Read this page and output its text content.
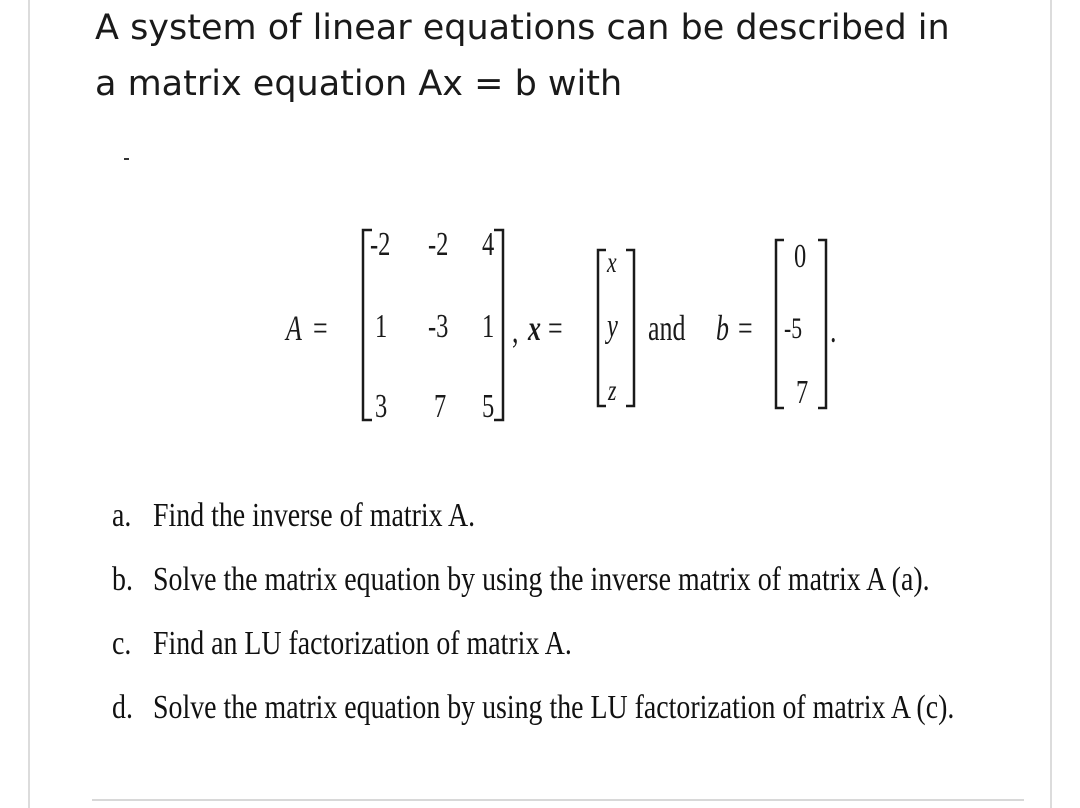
A system of linear equations can be described in
a matrix equation Ax = b with
A =
-2 -2 4
1 -3 1
3 7 5
, x =
x
y
z
and b =
0
-5
7
.
a. Find the inverse of matrix A.
b. Solve the matrix equation by using the inverse matrix of matrix A (a).
c. Find an LU factorization of matrix A.
d. Solve the matrix equation by using the LU factorization of matrix A (c).
